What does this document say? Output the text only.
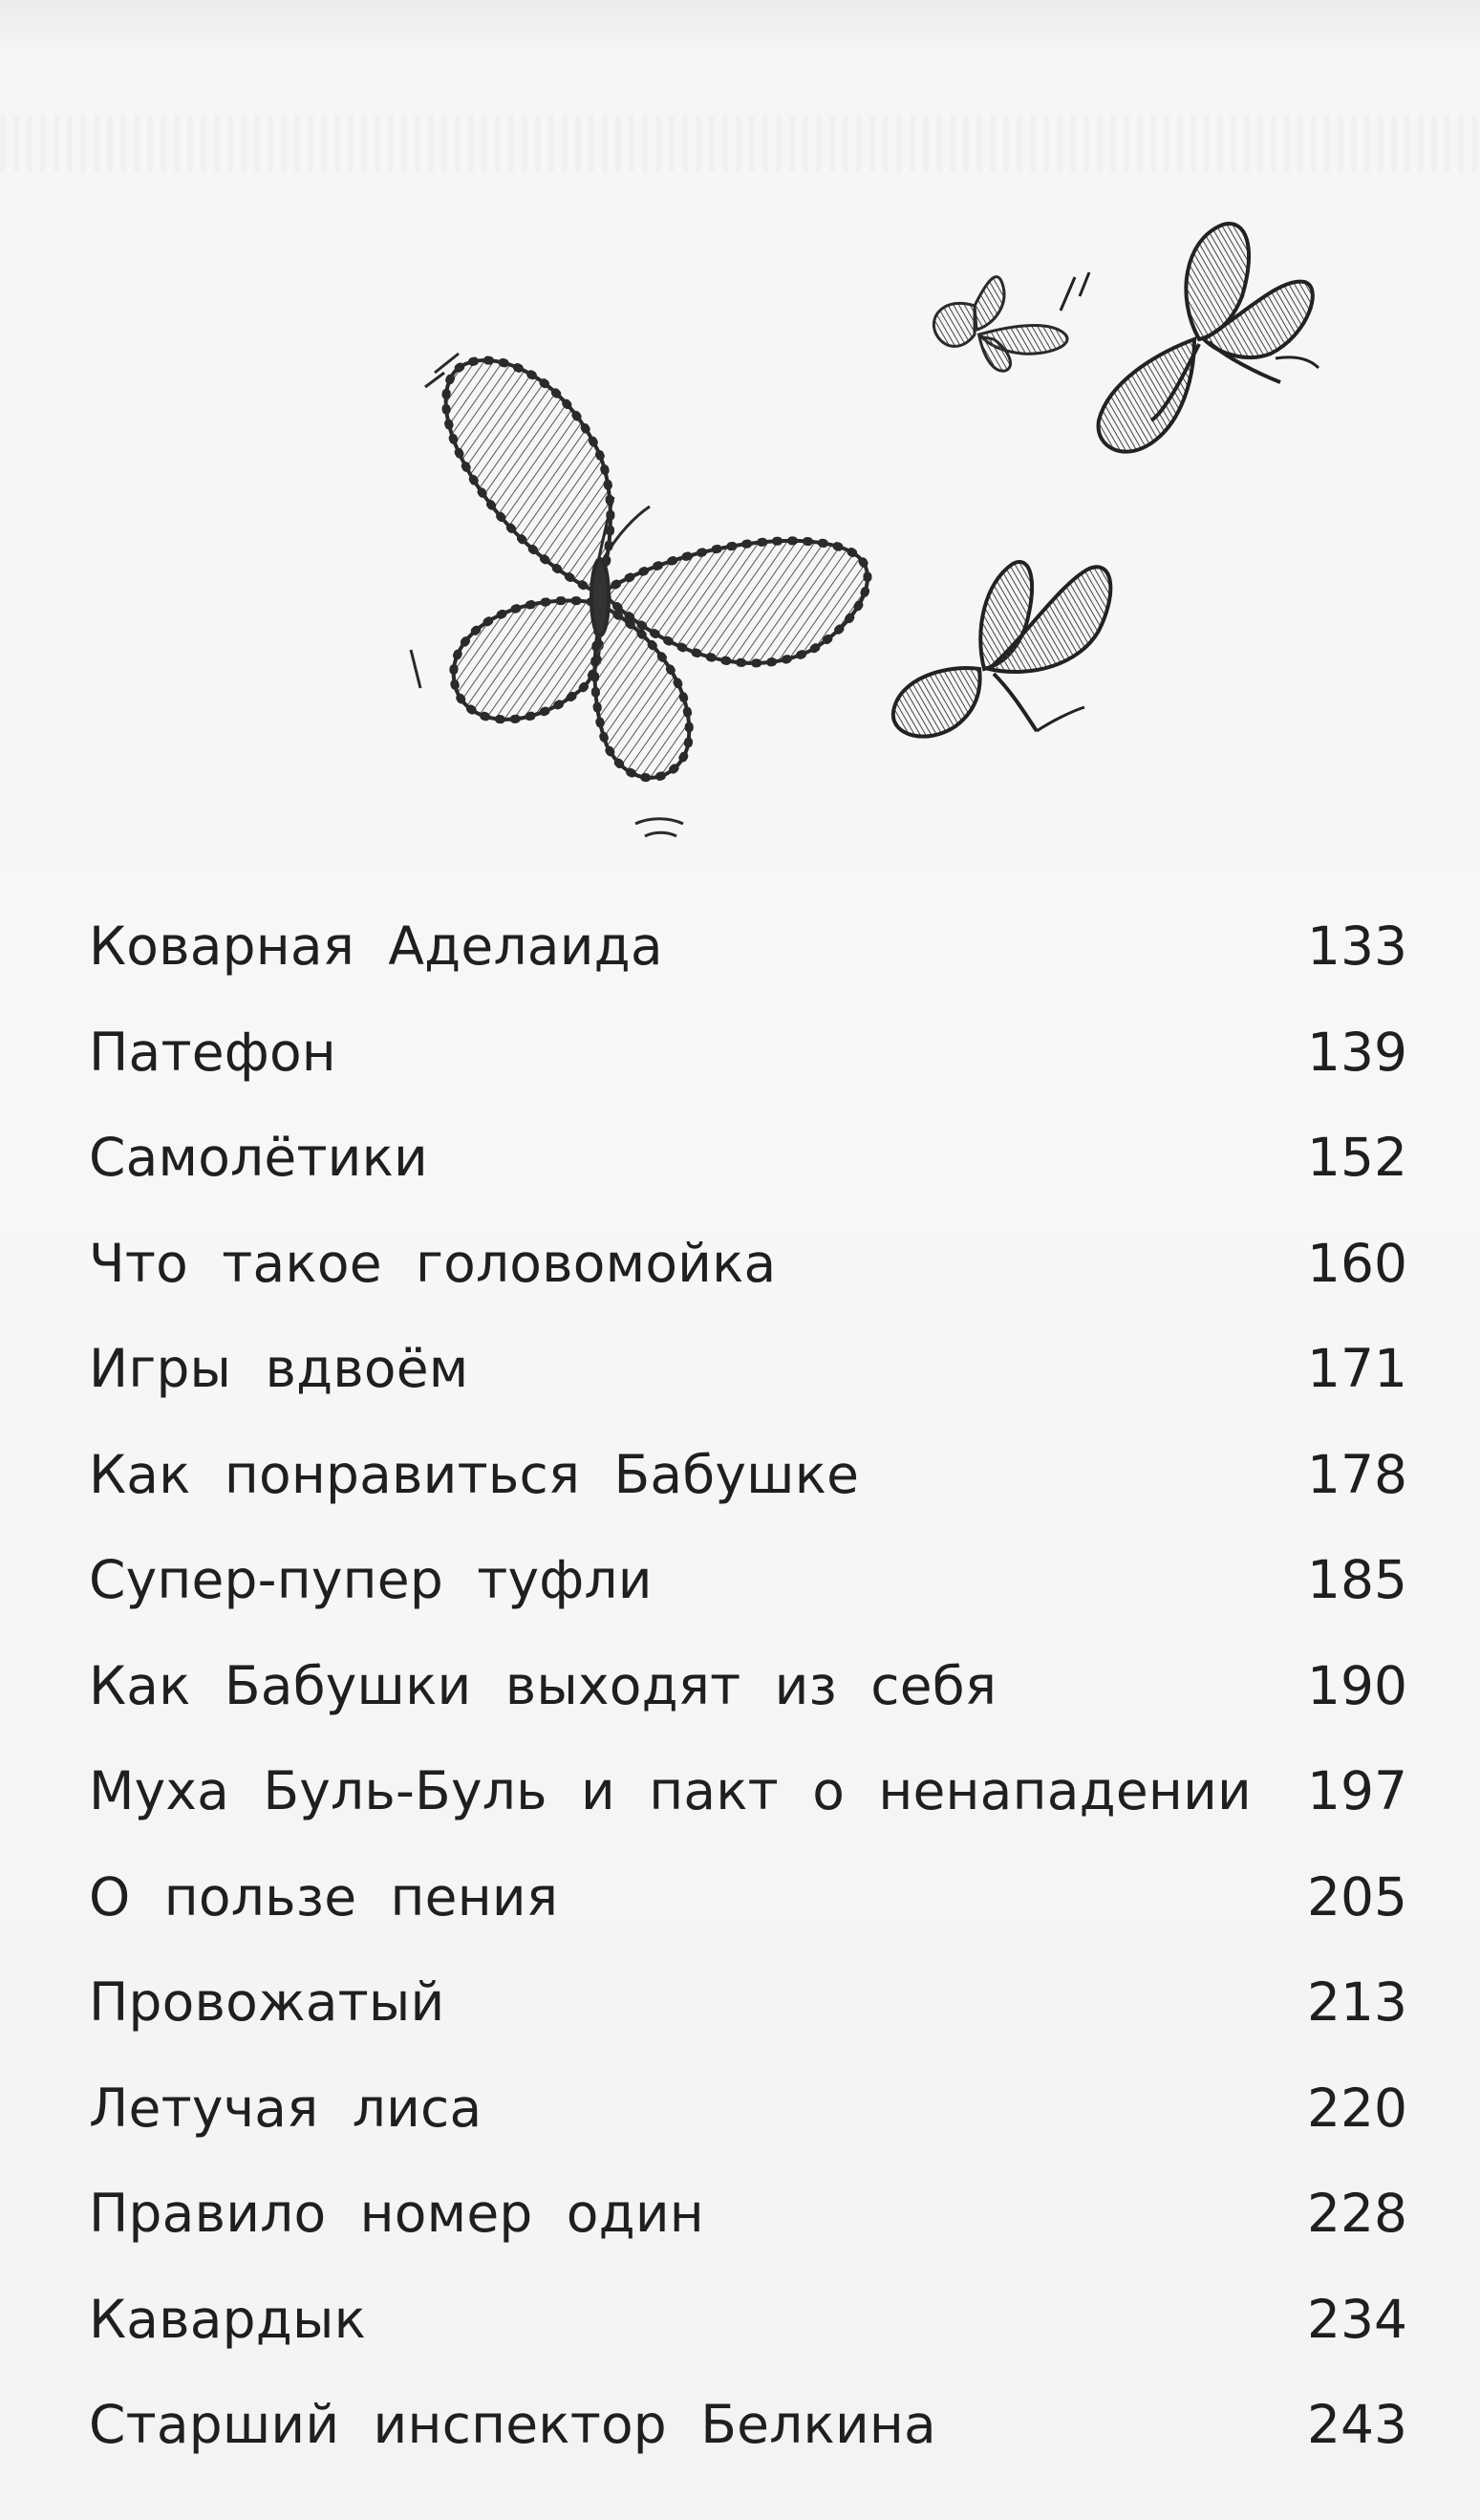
Коварная Аделаида	133
Патефон	139
Самолётики	152
Что такое головомойка	160
Игры вдвоём	171
Как понравиться Бабушке	178
Супер-пупер туфли	185
Как Бабушки выходят из себя	190
Муха Буль-Буль и пакт о ненападении 197
О пользе пения	205
Провожатый	213
Летучая лиса	220
Правило номер один	228
Кавардык	234
Старший инспектор Белкина	243
